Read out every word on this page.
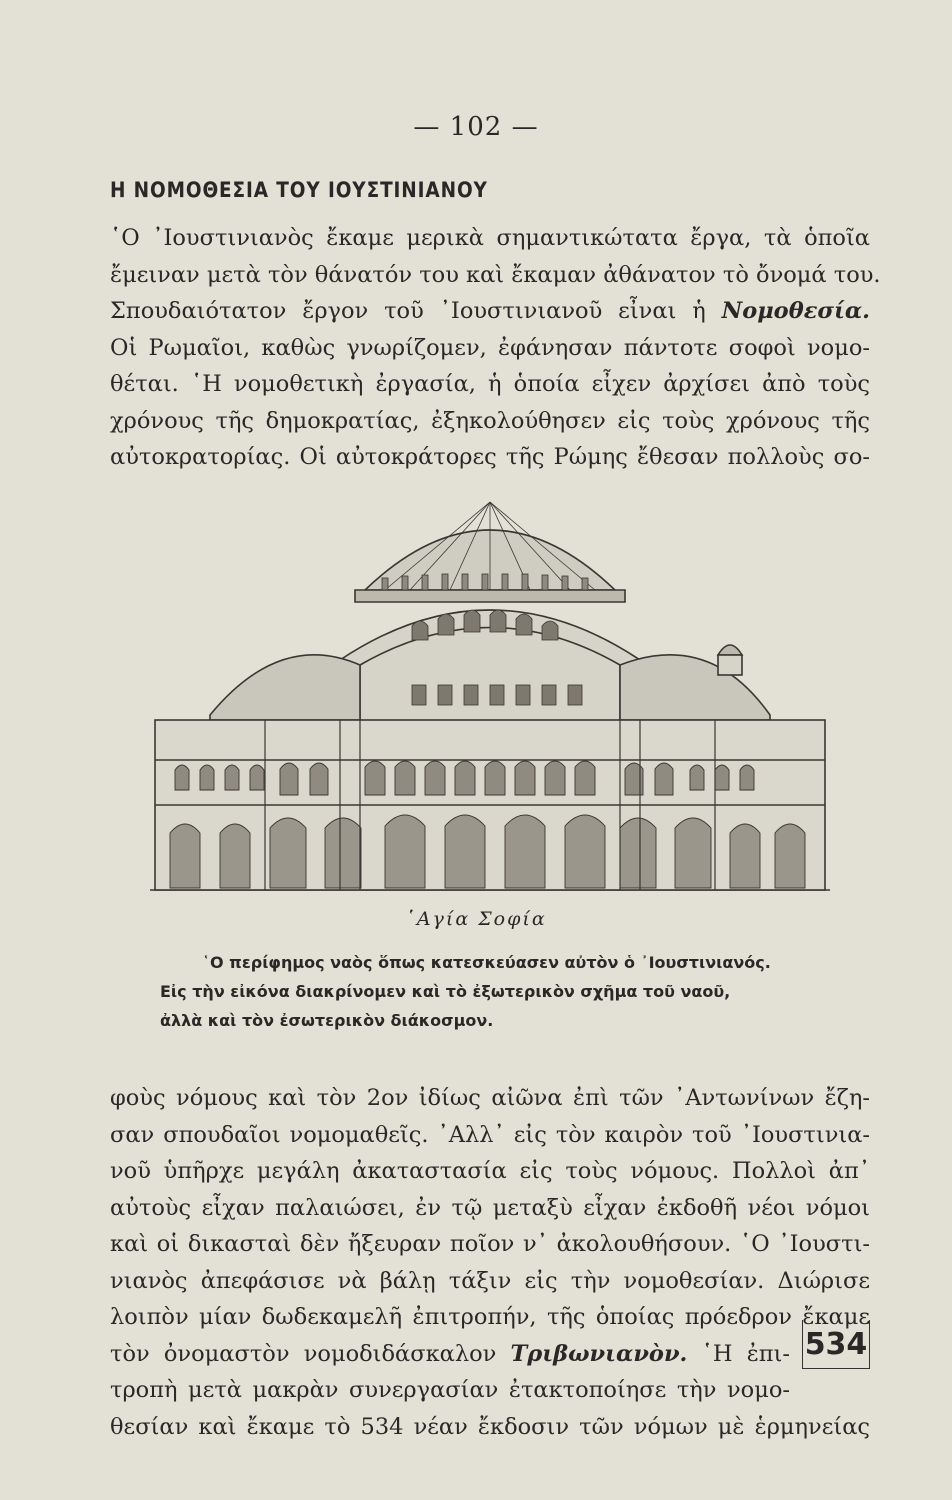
— 102 —
Η ΝΟΜΟΘΕΣΙΑ ΤΟΥ ΙΟΥΣΤΙΝΙΑΝΟΥ
῾Ο ᾿Ιουστινιανὸς ἔκαμε μερικὰ σημαντικώτατα ἔργα, τὰ ὁποῖα
ἔμειναν μετὰ τὸν θάνατόν του καὶ ἔκαμαν ἀθάνατον τὸ ὄνομά του.
Σπουδαιότατον ἔργον τοῦ ᾿Ιουστινιανοῦ εἶναι ἡ Νομοθεσία.
Οἱ Ρωμαῖοι, καθὼς γνωρίζομεν, ἐφάνησαν πάντοτε σοφοὶ νομο-
θέται. ῾Η νομοθετικὴ ἐργασία, ἡ ὁποία εἶχεν ἀρχίσει ἀπὸ τοὺς
χρόνους τῆς δημοκρατίας, ἐξηκολούθησεν εἰς τοὺς χρόνους τῆς
αὐτοκρατορίας. Οἱ αὐτοκράτορες τῆς Ρώμης ἔθεσαν πολλοὺς σο-
῾Αγία Σοφία
῾Ο περίφημος ναὸς ὅπως κατεσκεύασεν αὐτὸν ὁ ᾿Ιουστινιανός.
Εἰς τὴν εἰκόνα διακρίνομεν καὶ τὸ ἐξωτερικὸν σχῆμα τοῦ ναοῦ,
ἀλλὰ καὶ τὸν ἐσωτερικὸν διάκοσμον.
φοὺς νόμους καὶ τὸν 2ον ἰδίως αἰῶνα ἐπὶ τῶν ᾿Αντωνίνων ἔζη-
σαν σπουδαῖοι νομομαθεῖς. ᾿Αλλ᾿ εἰς τὸν καιρὸν τοῦ ᾿Ιουστινια-
νοῦ ὑπῆρχε μεγάλη ἀκαταστασία εἰς τοὺς νόμους. Πολλοὶ ἀπ᾿
αὐτοὺς εἶχαν παλαιώσει, ἐν τῷ μεταξὺ εἶχαν ἐκδοθῆ νέοι νόμοι
καὶ οἱ δικασταὶ δὲν ἤξευραν ποῖον ν᾿ ἀκολουθήσουν. ῾Ο ᾿Ιουστι-
νιανὸς ἀπεφάσισε νὰ βάλῃ τάξιν εἰς τὴν νομοθεσίαν. Διώρισε
λοιπὸν μίαν δωδεκαμελῆ ἐπιτροπήν, τῆς ὁποίας πρόεδρον ἔκαμε
τὸν ὀνομαστὸν νομοδιδάσκαλον Τριβωνιανὸν. ῾Η ἐπι-
τροπὴ μετὰ μακρὰν συνεργασίαν ἐτακτοποίησε τὴν νομο-
θεσίαν καὶ ἔκαμε τὸ 534 νέαν ἔκδοσιν τῶν νόμων μὲ ἑρμηνείας
534
